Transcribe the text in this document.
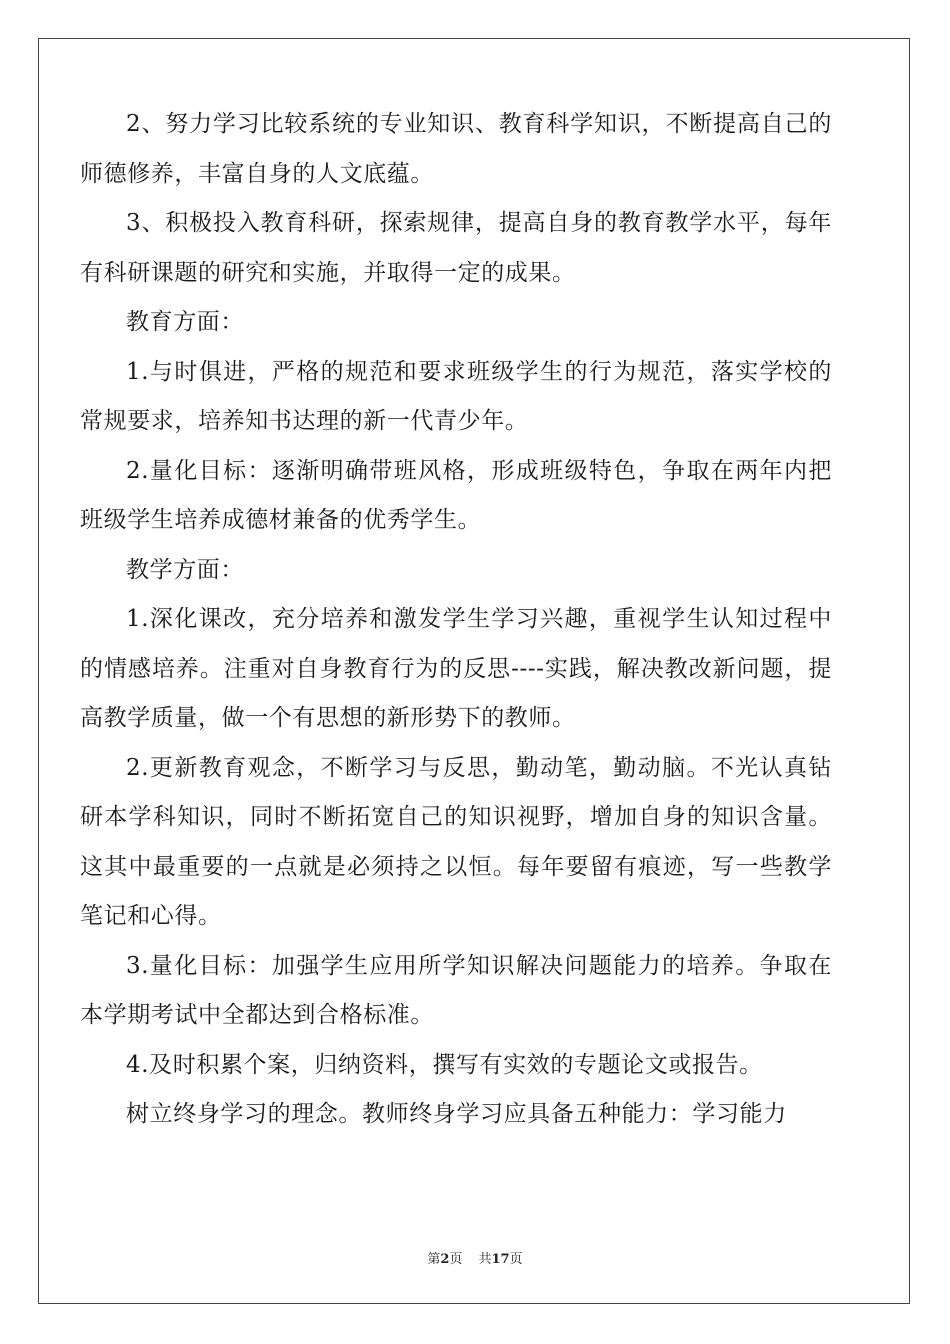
2、努力学习比较系统的专业知识、教育科学知识，不断提高自己的师德修养，丰富自身的人文底蕴。

3、积极投入教育科研，探索规律，提高自身的教育教学水平，每年有科研课题的研究和实施，并取得一定的成果。

教育方面：

1.与时俱进，严格的规范和要求班级学生的行为规范，落实学校的常规要求，培养知书达理的新一代青少年。

2.量化目标：逐渐明确带班风格，形成班级特色，争取在两年内把班级学生培养成德材兼备的优秀学生。

教学方面：

1.深化课改，充分培养和激发学生学习兴趣，重视学生认知过程中的情感培养。注重对自身教育行为的反思----实践，解决教改新问题，提高教学质量，做一个有思想的新形势下的教师。

2.更新教育观念，不断学习与反思，勤动笔，勤动脑。不光认真钻研本学科知识，同时不断拓宽自己的知识视野，增加自身的知识含量。这其中最重要的一点就是必须持之以恒。每年要留有痕迹，写一些教学笔记和心得。

3.量化目标：加强学生应用所学知识解决问题能力的培养。争取在本学期考试中全都达到合格标准。

4.及时积累个案，归纳资料，撰写有实效的专题论文或报告。

树立终身学习的理念。教师终身学习应具备五种能力：学习能力

第2页 共17页
